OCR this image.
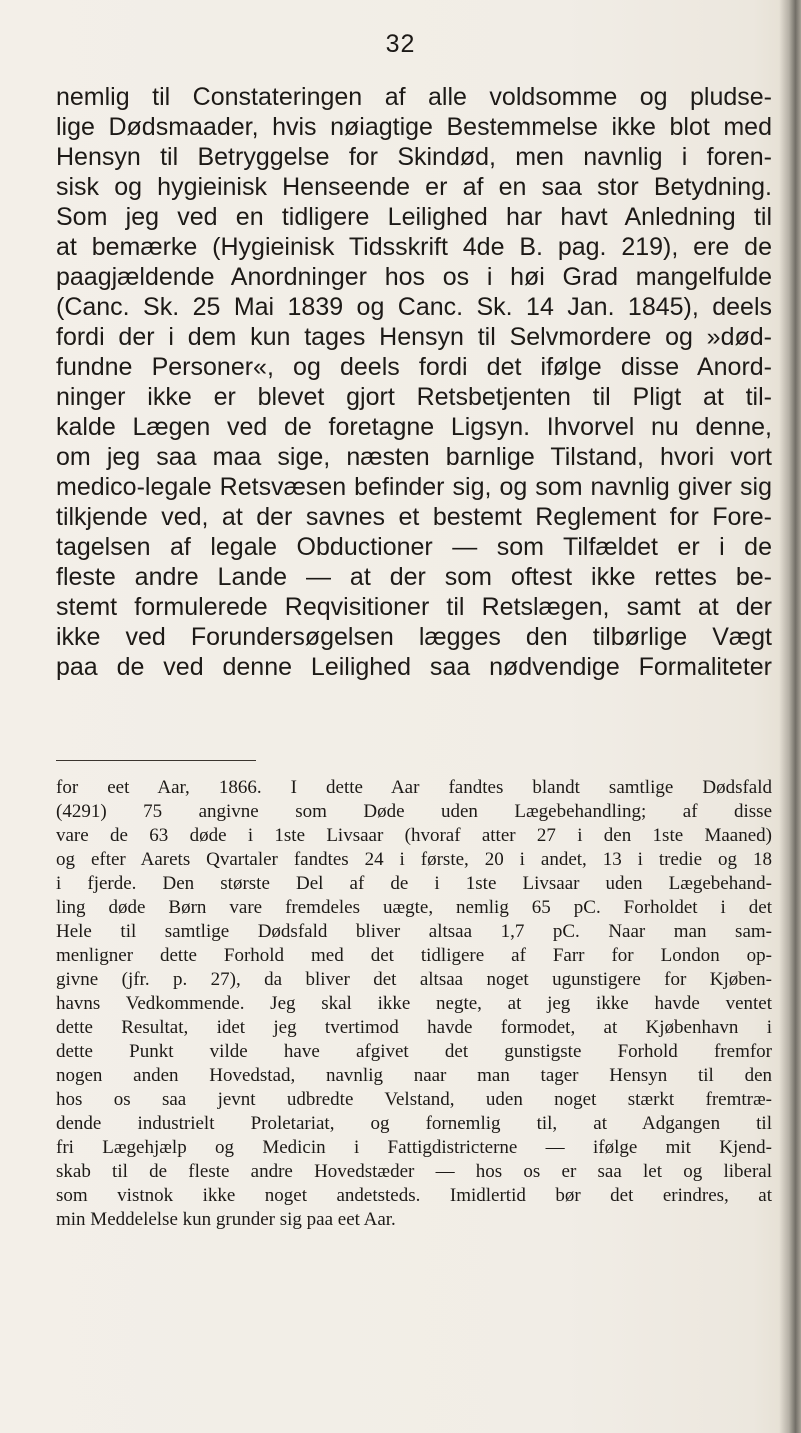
32
nemlig til Constateringen af alle voldsomme og pludse-
lige Dødsmaader, hvis nøiagtige Bestemmelse ikke blot med
Hensyn til Betryggelse for Skindød, men navnlig i foren-
sisk og hygieinisk Henseende er af en saa stor Betydning.
Som jeg ved en tidligere Leilighed har havt Anledning til
at bemærke (Hygieinisk Tidsskrift 4de B. pag. 219), ere de
paagjældende Anordninger hos os i høi Grad mangelfulde
(Canc. Sk. 25 Mai 1839 og Canc. Sk. 14 Jan. 1845), deels
fordi der i dem kun tages Hensyn til Selvmordere og »død-
fundne Personer«, og deels fordi det ifølge disse Anord-
ninger ikke er blevet gjort Retsbetjenten til Pligt at til-
kalde Lægen ved de foretagne Ligsyn. Ihvorvel nu denne,
om jeg saa maa sige, næsten barnlige Tilstand, hvori vort
medico-legale Retsvæsen befinder sig, og som navnlig giver sig
tilkjende ved, at der savnes et bestemt Reglement for Fore-
tagelsen af legale Obductioner — som Tilfældet er i de
fleste andre Lande — at der som oftest ikke rettes be-
stemt formulerede Reqvisitioner til Retslægen, samt at der
ikke ved Forundersøgelsen lægges den tilbørlige Vægt
paa de ved denne Leilighed saa nødvendige Formaliteter
for eet Aar, 1866. I dette Aar fandtes blandt samtlige Dødsfald
(4291) 75 angivne som Døde uden Lægebehandling; af disse
vare de 63 døde i 1ste Livsaar (hvoraf atter 27 i den 1ste Maaned)
og efter Aarets Qvartaler fandtes 24 i første, 20 i andet, 13 i tredie og 18
i fjerde. Den største Del af de i 1ste Livsaar uden Lægebehand-
ling døde Børn vare fremdeles uægte, nemlig 65 pC. Forholdet i det
Hele til samtlige Dødsfald bliver altsaa 1,7 pC. Naar man sam-
menligner dette Forhold med det tidligere af Farr for London op-
givne (jfr. p. 27), da bliver det altsaa noget ugunstigere for Kjøben-
havns Vedkommende. Jeg skal ikke negte, at jeg ikke havde ventet
dette Resultat, idet jeg tvertimod havde formodet, at Kjøbenhavn i
dette Punkt vilde have afgivet det gunstigste Forhold fremfor
nogen anden Hovedstad, navnlig naar man tager Hensyn til den
hos os saa jevnt udbredte Velstand, uden noget stærkt fremtræ-
dende industrielt Proletariat, og fornemlig til, at Adgangen til
fri Lægehjælp og Medicin i Fattigdistricterne — ifølge mit Kjend-
skab til de fleste andre Hovedstæder — hos os er saa let og liberal
som vistnok ikke noget andetsteds. Imidlertid bør det erindres, at
min Meddelelse kun grunder sig paa eet Aar.
